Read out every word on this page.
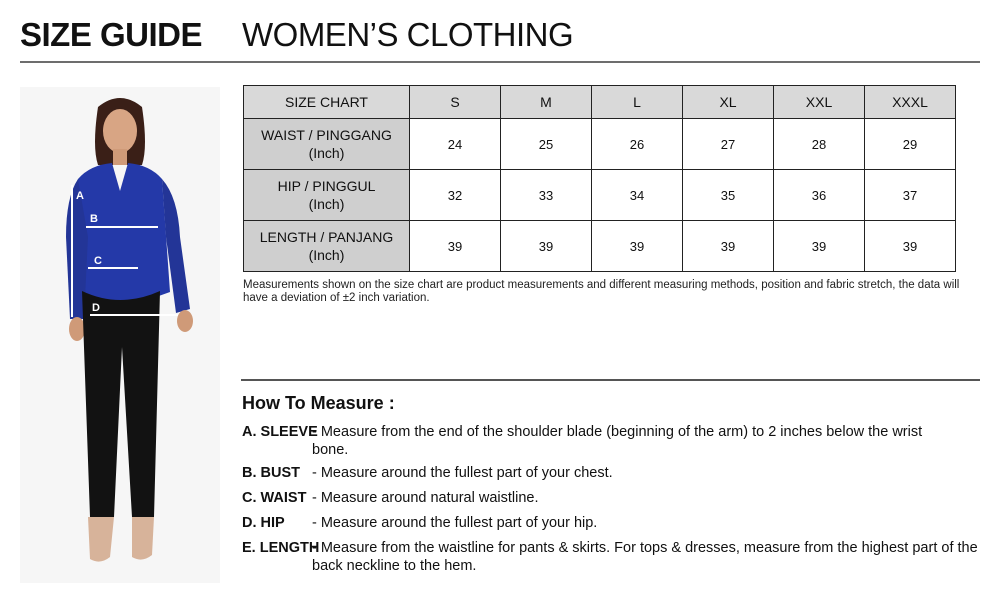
SIZE GUIDE WOMEN’S CLOTHING
A
B
C
D
SIZE CHART	S	M	L	XL	XXL	XXXL
WAIST / PINGGANG
(Inch)	24	25	26	27	28	29
HIP / PINGGUL
(Inch)	32	33	34	35	36	37
LENGTH / PANJANG
(Inch)	39	39	39	39	39	39
Measurements shown on the size chart are product measurements and different measuring methods, position and fabric stretch, the data will have a deviation of ±2 inch variation.
How To Measure :
A. SLEEVE
- Measure from the end of the shoulder blade (beginning of the arm) to 2 inches below the wrist bone.
B. BUST - Measure around the fullest part of your chest.
C. WAIST - Measure around natural waistline.
D. HIP - Measure around the fullest part of your hip.
E. LENGTH
- Measure from the waistline for pants & skirts. For tops & dresses, measure from the highest part of the back neckline to the hem.
